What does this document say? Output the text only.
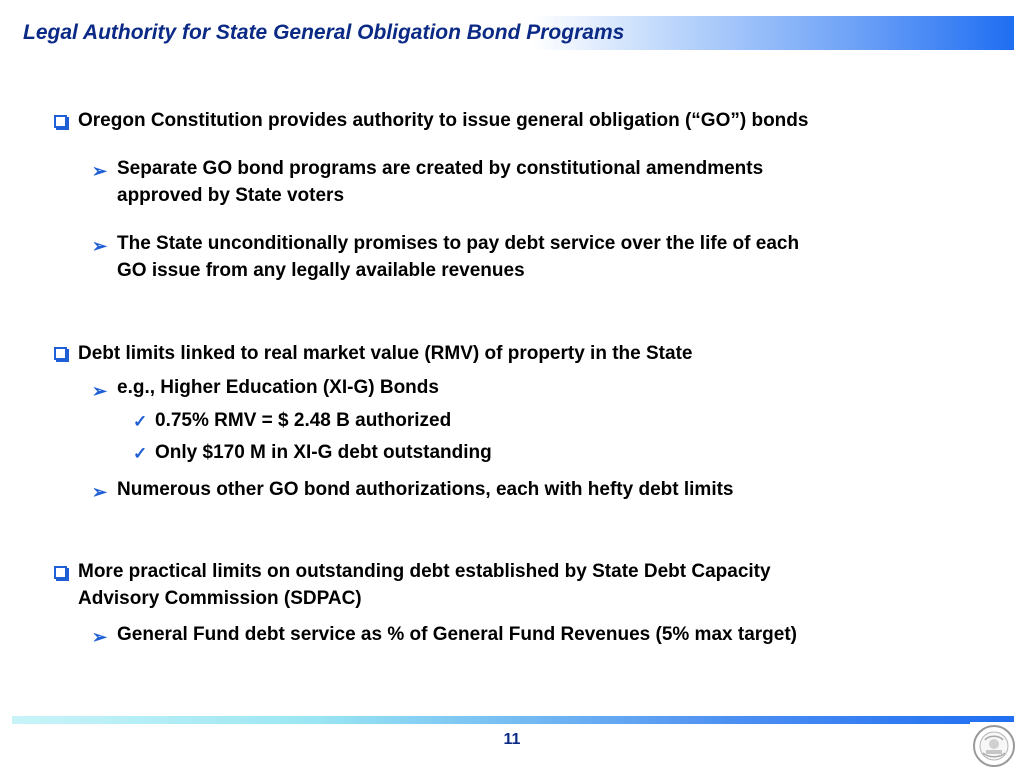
Legal Authority for State General Obligation Bond Programs
Oregon Constitution provides authority to issue general obligation (“GO”) bonds
➢ Separate GO bond programs are created by constitutional amendments
approved by State voters
➢ The State unconditionally promises to pay debt service over the life of each
GO issue from any legally available revenues
Debt limits linked to real market value (RMV) of property in the State
➢ e.g., Higher Education (XI-G) Bonds
✓ 0.75% RMV = $ 2.48 B authorized
✓ Only $170 M in XI-G debt outstanding
➢ Numerous other GO bond authorizations, each with hefty debt limits
More practical limits on outstanding debt established by State Debt Capacity
Advisory Commission (SDPAC)
➢ General Fund debt service as % of General Fund Revenues (5% max target)
11
